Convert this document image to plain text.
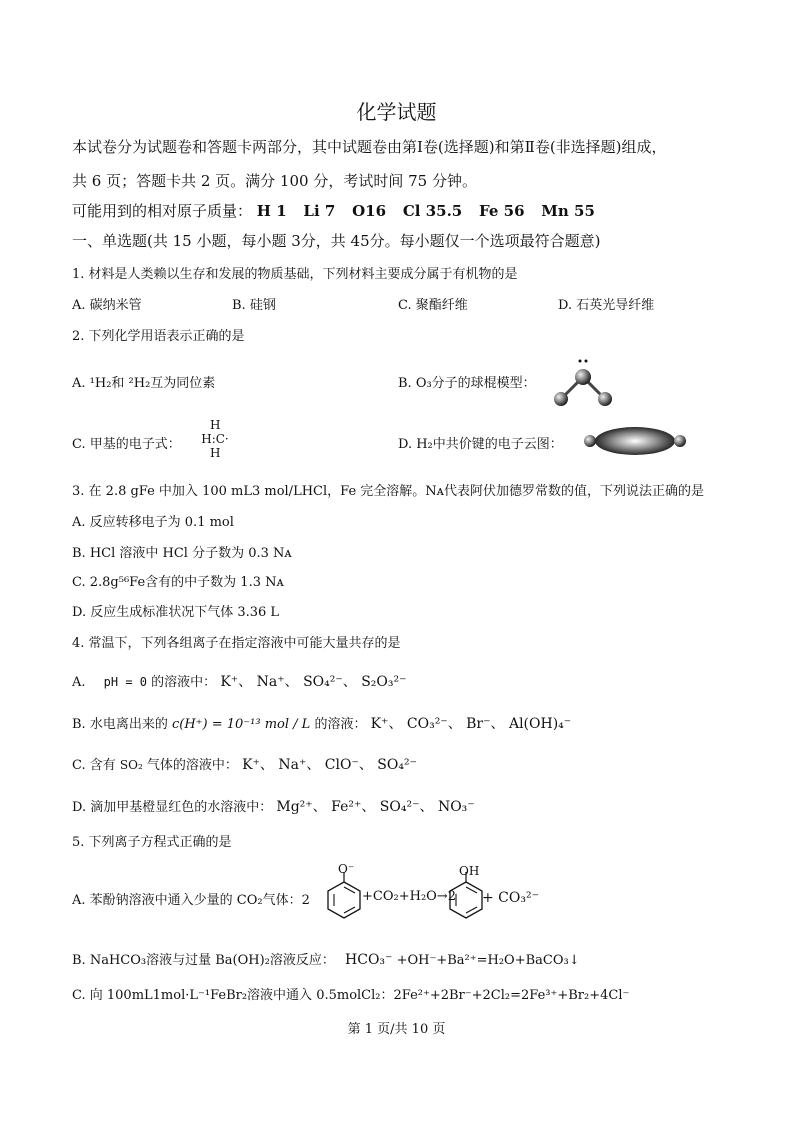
化学试题
本试卷分为试题卷和答题卡两部分，其中试题卷由第Ⅰ卷(选择题)和第Ⅱ卷(非选择题)组成，
共 6 页；答题卡共 2 页。满分 100 分，考试时间 75 分钟。
可能用到的相对原子质量： H 1 Li 7 O16 Cl 35.5 Fe 56 Mn 55
一、单选题(共 15 小题，每小题 3分，共 45分。每小题仅一个选项最符合题意)
1. 材料是人类赖以生存和发展的物质基础，下列材料主要成分属于有机物的是
A. 碳纳米管	B. 硅钢	C. 聚酯纤维	D. 石英光导纤维
2. 下列化学用语表示正确的是
A. ¹H₂和 ²H₂互为同位素	B. O₃分子的球棍模型：
C. 甲基的电子式：
H
H:C·
H
D. H₂中共价键的电子云图：
3. 在 2.8 gFe 中加入 100 mL3 mol/LHCl，Fe 完全溶解。Nᴀ代表阿伏加德罗常数的值，下列说法正确的是
A. 反应转移电子为 0.1 mol
B. HCl 溶液中 HCl 分子数为 0.3 Nᴀ
C. 2.8g⁵⁶Fe含有的中子数为 1.3 Nᴀ
D. 反应生成标准状况下气体 3.36 L
4. 常温下，下列各组离子在指定溶液中可能大量共存的是
A. pH = 0 的溶液中： K⁺、 Na⁺、 SO₄²⁻、 S₂O₃²⁻
B. 水电离出来的 c(H⁺) = 10⁻¹³ mol / L 的溶液： K⁺、 CO₃²⁻、 Br⁻、 Al(OH)₄⁻
C. 含有 SO₂ 气体的溶液中： K⁺、 Na⁺、 ClO⁻、 SO₄²⁻
D. 滴加甲基橙显红色的水溶液中： Mg²⁺、 Fe²⁺、 SO₄²⁻、 NO₃⁻
5. 下列离子方程式正确的是
A. 苯酚钠溶液中通入少量的 CO₂气体：2
O⁻
+CO₂+H₂O→2
OH
+ CO₃²⁻
B. NaHCO₃溶液与过量 Ba(OH)₂溶液反应： HCO₃⁻ +OH⁻+Ba²⁺=H₂O+BaCO₃↓
C. 向 100mL1mol·L⁻¹FeBr₂溶液中通入 0.5molCl₂：2Fe²⁺+2Br⁻+2Cl₂=2Fe³⁺+Br₂+4Cl⁻
第 1 页/共 10 页
